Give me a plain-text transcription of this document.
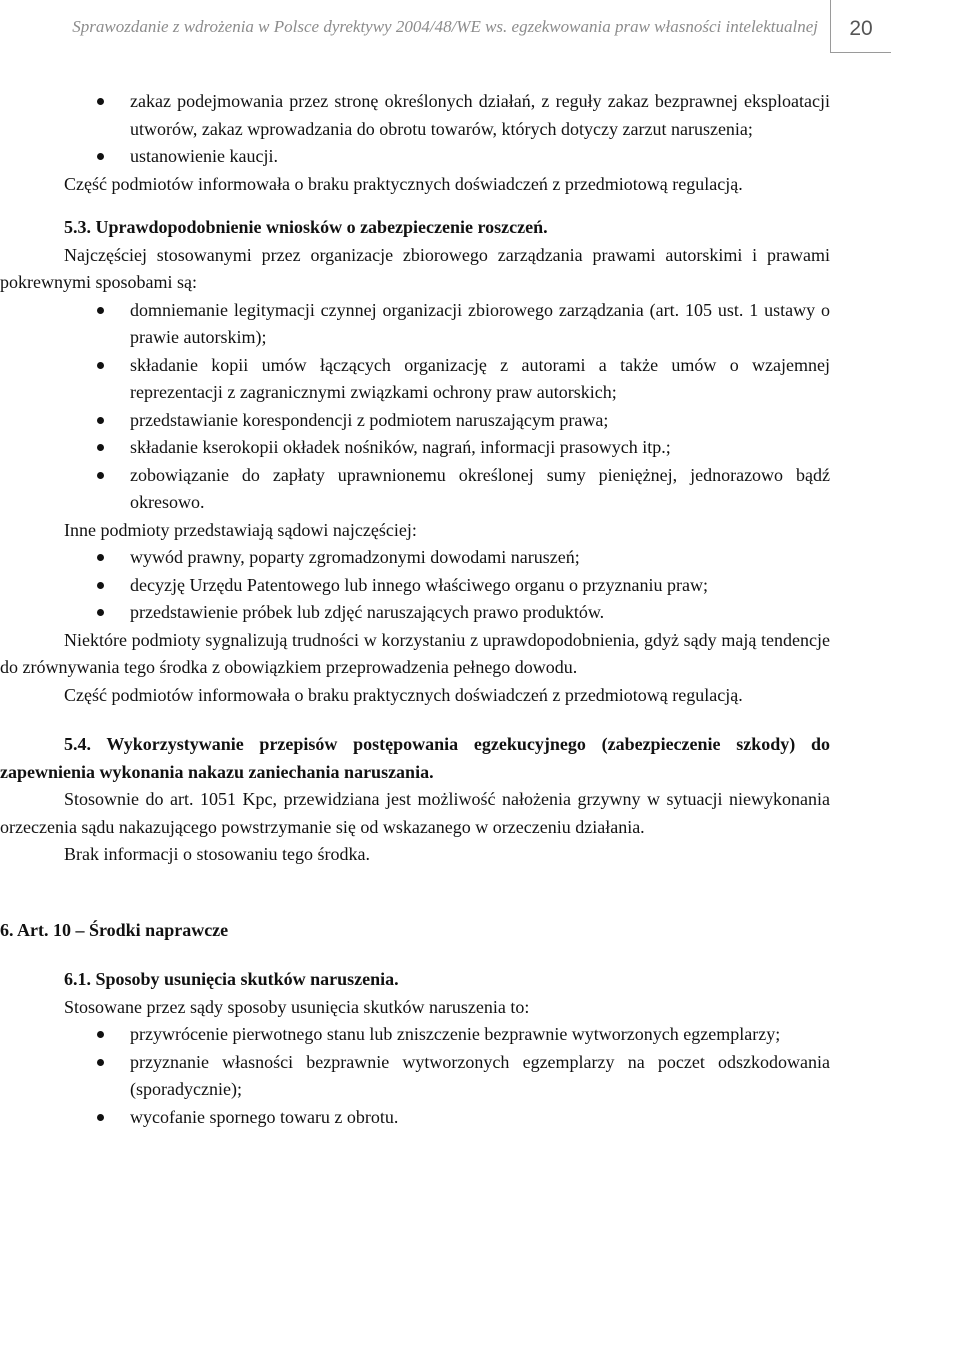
Sprawozdanie z wdrożenia w Polsce dyrektywy 2004/48/WE ws. egzekwowania praw własności intelektualnej	20
zakaz podejmowania przez stronę określonych działań, z reguły zakaz bezprawnej eksploatacji utworów, zakaz wprowadzania do obrotu towarów, których dotyczy zarzut naruszenia;
ustanowienie kaucji.

Część podmiotów informowała o braku praktycznych doświadczeń z przedmiotową regulacją.

5.3. Uprawdopodobnienie wniosków o zabezpieczenie roszczeń.

Najczęściej stosowanymi przez organizacje zbiorowego zarządzania prawami autorskimi i prawami pokrewnymi sposobami są:

domniemanie legitymacji czynnej organizacji zbiorowego zarządzania (art. 105 ust. 1 ustawy o prawie autorskim);
składanie kopii umów łączących organizację z autorami a także umów o wzajemnej reprezentacji z zagranicznymi związkami ochrony praw autorskich;
przedstawianie korespondencji z podmiotem naruszającym prawa;
składanie kserokopii okładek nośników, nagrań, informacji prasowych itp.;
zobowiązanie do zapłaty uprawnionemu określonej sumy pieniężnej, jednorazowo bądź okresowo.

Inne podmioty przedstawiają sądowi najczęściej:

wywód prawny, poparty zgromadzonymi dowodami naruszeń;
decyzję Urzędu Patentowego lub innego właściwego organu o przyznaniu praw;
przedstawienie próbek lub zdjęć naruszających prawo produktów.

Niektóre podmioty sygnalizują trudności w korzystaniu z uprawdopodobnienia, gdyż sądy mają tendencje do zrównywania tego środka z obowiązkiem przeprowadzenia pełnego dowodu.

Część podmiotów informowała o braku praktycznych doświadczeń z przedmiotową regulacją.

5.4. Wykorzystywanie przepisów postępowania egzekucyjnego (zabezpieczenie szkody) do zapewnienia wykonania nakazu zaniechania naruszania.

Stosownie do art. 1051 Kpc, przewidziana jest możliwość nałożenia grzywny w sytuacji niewykonania orzeczenia sądu nakazującego powstrzymanie się od wskazanego w orzeczeniu działania.

Brak informacji o stosowaniu tego środka.

6. Art. 10 – Środki naprawcze

6.1. Sposoby usunięcia skutków naruszenia.

Stosowane przez sądy sposoby usunięcia skutków naruszenia to:

przywrócenie pierwotnego stanu lub zniszczenie bezprawnie wytworzonych egzemplarzy;
przyznanie własności bezprawnie wytworzonych egzemplarzy na poczet odszkodowania (sporadycznie);
wycofanie spornego towaru z obrotu.
